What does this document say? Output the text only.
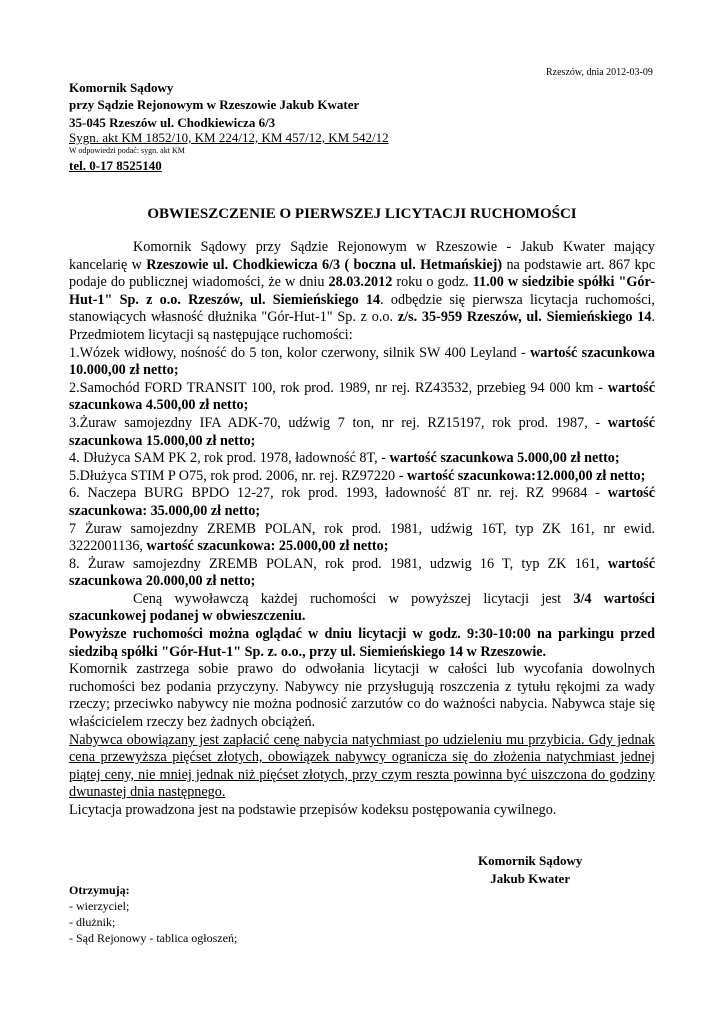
Rzeszów, dnia 2012-03-09
Komornik Sądowy
przy Sądzie Rejonowym w Rzeszowie Jakub Kwater
35-045 Rzeszów ul. Chodkiewicza 6/3
Sygn. akt KM 1852/10, KM 224/12, KM 457/12, KM 542/12
W odpowiedzi podać: sygn. akt KM
tel. 0-17 8525140
OBWIESZCZENIE O PIERWSZEJ LICYTACJI RUCHOMOŚCI

Komornik Sądowy przy Sądzie Rejonowym w Rzeszowie - Jakub Kwater mający kancelarię w Rzeszowie ul. Chodkiewicza 6/3 ( boczna ul. Hetmańskiej) na podstawie art. 867 kpc podaje do publicznej wiadomości, że w dniu 28.03.2012 roku o godz. 11.00 w siedzibie spółki "Gór-Hut-1" Sp. z o.o. Rzeszów, ul. Siemieńskiego 14. odbędzie się pierwsza licytacja ruchomości, stanowiących własność dłużnika "Gór-Hut-1" Sp. z o.o. z/s. 35-959 Rzeszów, ul. Siemieńskiego 14. Przedmiotem licytacji są następujące ruchomości:

1.Wózek widłowy, nośność do 5 ton, kolor czerwony, silnik SW 400 Leyland - wartość szacunkowa 10.000,00 zł netto;

2.Samochód FORD TRANSIT 100, rok prod. 1989, nr rej. RZ43532, przebieg 94 000 km - wartość szacunkowa 4.500,00 zł netto;

3.Żuraw samojezdny IFA ADK-70, udźwig 7 ton, nr rej. RZ15197, rok prod. 1987, - wartość szacunkowa 15.000,00 zł netto;

4. Dłużyca SAM PK 2, rok prod. 1978, ładowność 8T, - wartość szacunkowa 5.000,00 zł netto;

5.Dłużyca STIM P O75, rok prod. 2006, nr. rej. RZ97220 - wartość szacunkowa:12.000,00 zł netto;

6. Naczepa BURG BPDO 12-27, rok prod. 1993, ładowność 8T nr. rej. RZ 99684 - wartość szacunkowa: 35.000,00 zł netto;

7 Żuraw samojezdny ZREMB POLAN, rok prod. 1981, udźwig 16T, typ ZK 161, nr ewid. 3222001136, wartość szacunkowa: 25.000,00 zł netto;

8. Żuraw samojezdny ZREMB POLAN, rok prod. 1981, udzwig 16 T, typ ZK 161, wartość szacunkowa 20.000,00 zł netto;

Ceną wywoławczą każdej ruchomości w powyższej licytacji jest 3/4 wartości szacunkowej podanej w obwieszczeniu.

Powyższe ruchomości można oglądać w dniu licytacji w godz. 9:30-10:00 na parkingu przed siedzibą spółki "Gór-Hut-1" Sp. z. o.o., przy ul. Siemieńskiego 14 w Rzeszowie.

Komornik zastrzega sobie prawo do odwołania licytacji w całości lub wycofania dowolnych ruchomości bez podania przyczyny. Nabywcy nie przysługują roszczenia z tytułu rękojmi za wady rzeczy; przeciwko nabywcy nie można podnosić zarzutów co do ważności nabycia. Nabywca staje się właścicielem rzeczy bez żadnych obciążeń.

Nabywca obowiązany jest zapłacić cenę nabycia natychmiast po udzieleniu mu przybicia. Gdy jednak cena przewyższa pięćset złotych, obowiązek nabywcy ogranicza się do złożenia natychmiast jednej piątej ceny, nie mniej jednak niż pięćset złotych, przy czym reszta powinna być uiszczona do godziny dwunastej dnia następnego.

Licytacja prowadzona jest na podstawie przepisów kodeksu postępowania cywilnego.

Komornik Sądowy
Jakub Kwater
Otrzymują:
- wierzyciel;
- dłużnik;
- Sąd Rejonowy - tablica ogłoszeń;
